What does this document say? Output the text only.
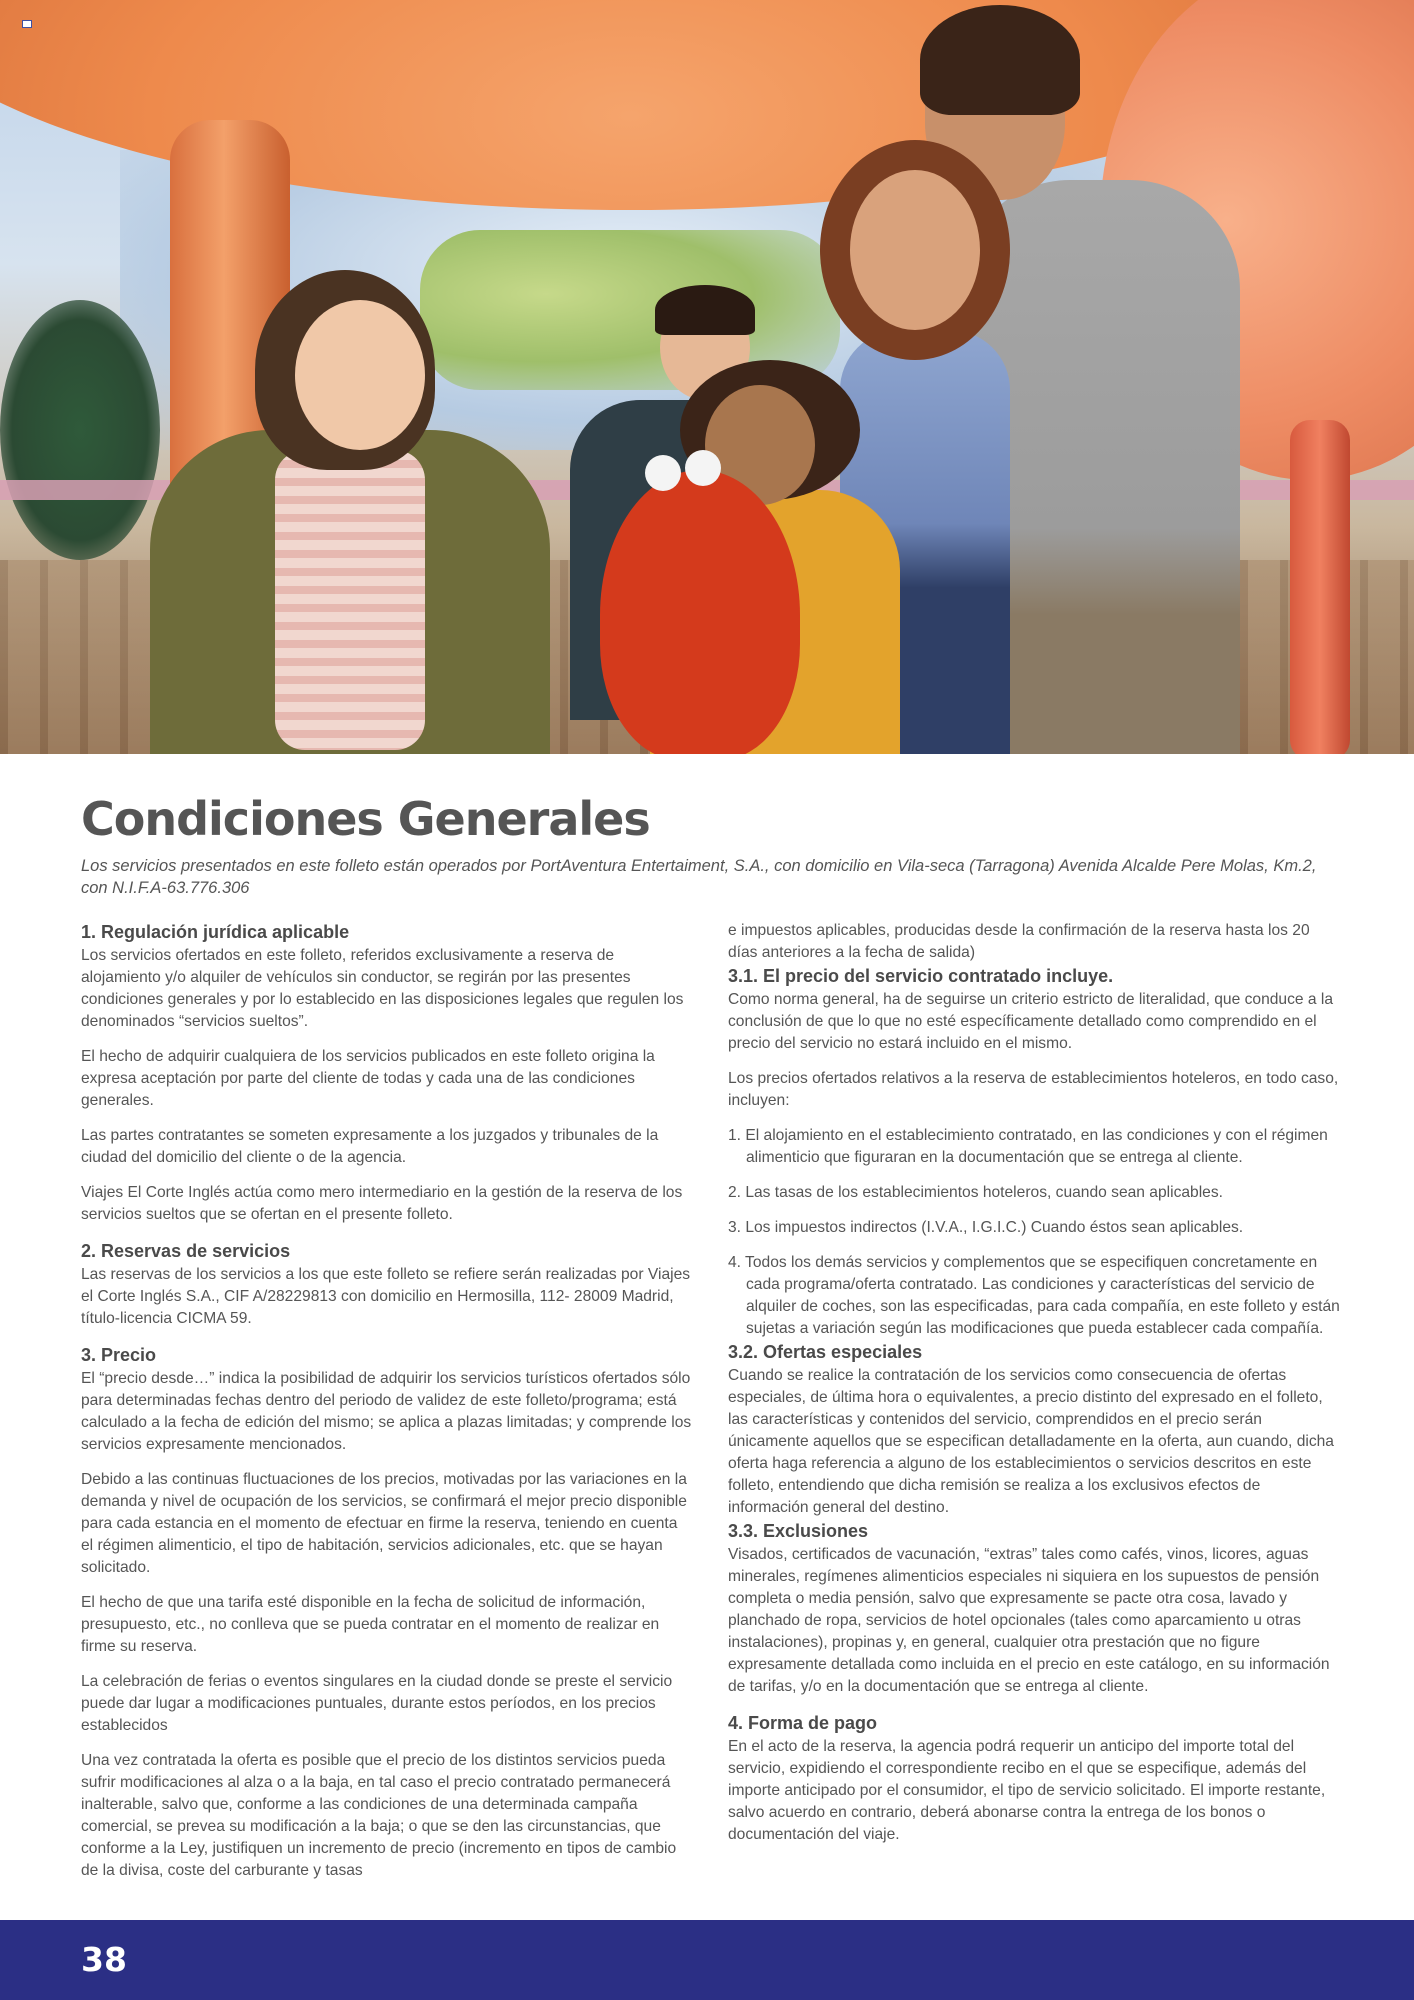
Condiciones Generales

Los servicios presentados en este folleto están operados por PortAventura Entertaiment, S.A., con domicilio en Vila-seca (Tarragona) Avenida Alcalde Pere Molas, Km.2, con N.I.F.A-63.776.306

1. Regulación jurídica aplicable

Los servicios ofertados en este folleto, referidos exclusivamente a reserva de alojamiento y/o alquiler de vehículos sin conductor, se regirán por las presentes condiciones generales y por lo establecido en las disposiciones legales que regulen los denominados “servicios sueltos”.

El hecho de adquirir cualquiera de los servicios publicados en este folleto origina la expresa aceptación por parte del cliente de todas y cada una de las condiciones generales.

Las partes contratantes se someten expresamente a los juzgados y tribunales de la ciudad del domicilio del cliente o de la agencia.

Viajes El Corte Inglés actúa como mero intermediario en la gestión de la reserva de los servicios sueltos que se ofertan en el presente folleto.

2. Reservas de servicios

Las reservas de los servicios a los que este folleto se refiere serán realizadas por Viajes el Corte Inglés S.A., CIF A/28229813 con domicilio en Hermosilla, 112- 28009 Madrid, título-licencia CICMA 59.

3. Precio

El “precio desde…” indica la posibilidad de adquirir los servicios turísticos ofertados sólo para determinadas fechas dentro del periodo de validez de este folleto/programa; está calculado a la fecha de edición del mismo; se aplica a plazas limitadas; y comprende los servicios expresamente mencionados.

Debido a las continuas fluctuaciones de los precios, motivadas por las variaciones en la demanda y nivel de ocupación de los servicios, se confirmará el mejor precio disponible para cada estancia en el momento de efectuar en firme la reserva, teniendo en cuenta el régimen alimenticio, el tipo de habitación, servicios adicionales, etc. que se hayan solicitado.

El hecho de que una tarifa esté disponible en la fecha de solicitud de información, presupuesto, etc., no conlleva que se pueda contratar en el momento de realizar en firme su reserva.

La celebración de ferias o eventos singulares en la ciudad donde se preste el servicio puede dar lugar a modificaciones puntuales, durante estos períodos, en los precios establecidos

Una vez contratada la oferta es posible que el precio de los distintos servicios pueda sufrir modificaciones al alza o a la baja, en tal caso el precio contratado permanecerá inalterable, salvo que, conforme a las condiciones de una determinada campaña comercial, se prevea su modificación a la baja; o que se den las circunstancias, que conforme a la Ley, justifiquen un incremento de precio (incremento en tipos de cambio de la divisa, coste del carburante y tasas

e impuestos aplicables, producidas desde la confirmación de la reserva hasta los 20 días anteriores a la fecha de salida)

3.1. El precio del servicio contratado incluye.

Como norma general, ha de seguirse un criterio estricto de literalidad, que conduce a la conclusión de que lo que no esté específicamente detallado como comprendido en el precio del servicio no estará incluido en el mismo.

Los precios ofertados relativos a la reserva de establecimientos hoteleros, en todo caso, incluyen:

1. El alojamiento en el establecimiento contratado, en las condiciones y con el régimen alimenticio que figuraran en la documentación que se entrega al cliente.
2. Las tasas de los establecimientos hoteleros, cuando sean aplicables.
3. Los impuestos indirectos (I.V.A., I.G.I.C.) Cuando éstos sean aplicables.
4. Todos los demás servicios y complementos que se especifiquen concretamente en cada programa/oferta contratado. Las condiciones y características del servicio de alquiler de coches, son las especificadas, para cada compañía, en este folleto y están sujetas a variación según las modificaciones que pueda establecer cada compañía.
3.2. Ofertas especiales

Cuando se realice la contratación de los servicios como consecuencia de ofertas especiales, de última hora o equivalentes, a precio distinto del expresado en el folleto, las características y contenidos del servicio, comprendidos en el precio serán únicamente aquellos que se especifican detalladamente en la oferta, aun cuando, dicha oferta haga referencia a alguno de los establecimientos o servicios descritos en este folleto, entendiendo que dicha remisión se realiza a los exclusivos efectos de información general del destino.

3.3. Exclusiones

Visados, certificados de vacunación, “extras” tales como cafés, vinos, licores, aguas minerales, regímenes alimenticios especiales ni siquiera en los supuestos de pensión completa o media pensión, salvo que expresamente se pacte otra cosa, lavado y planchado de ropa, servicios de hotel opcionales (tales como aparcamiento u otras instalaciones), propinas y, en general, cualquier otra prestación que no figure expresamente detallada como incluida en el precio en este catálogo, en su información de tarifas, y/o en la documentación que se entrega al cliente.

4. Forma de pago

En el acto de la reserva, la agencia podrá requerir un anticipo del importe total del servicio, expidiendo el correspondiente recibo en el que se especifique, además del importe anticipado por el consumidor, el tipo de servicio solicitado. El importe restante, salvo acuerdo en contrario, deberá abonarse contra la entrega de los bonos o documentación del viaje.

38
